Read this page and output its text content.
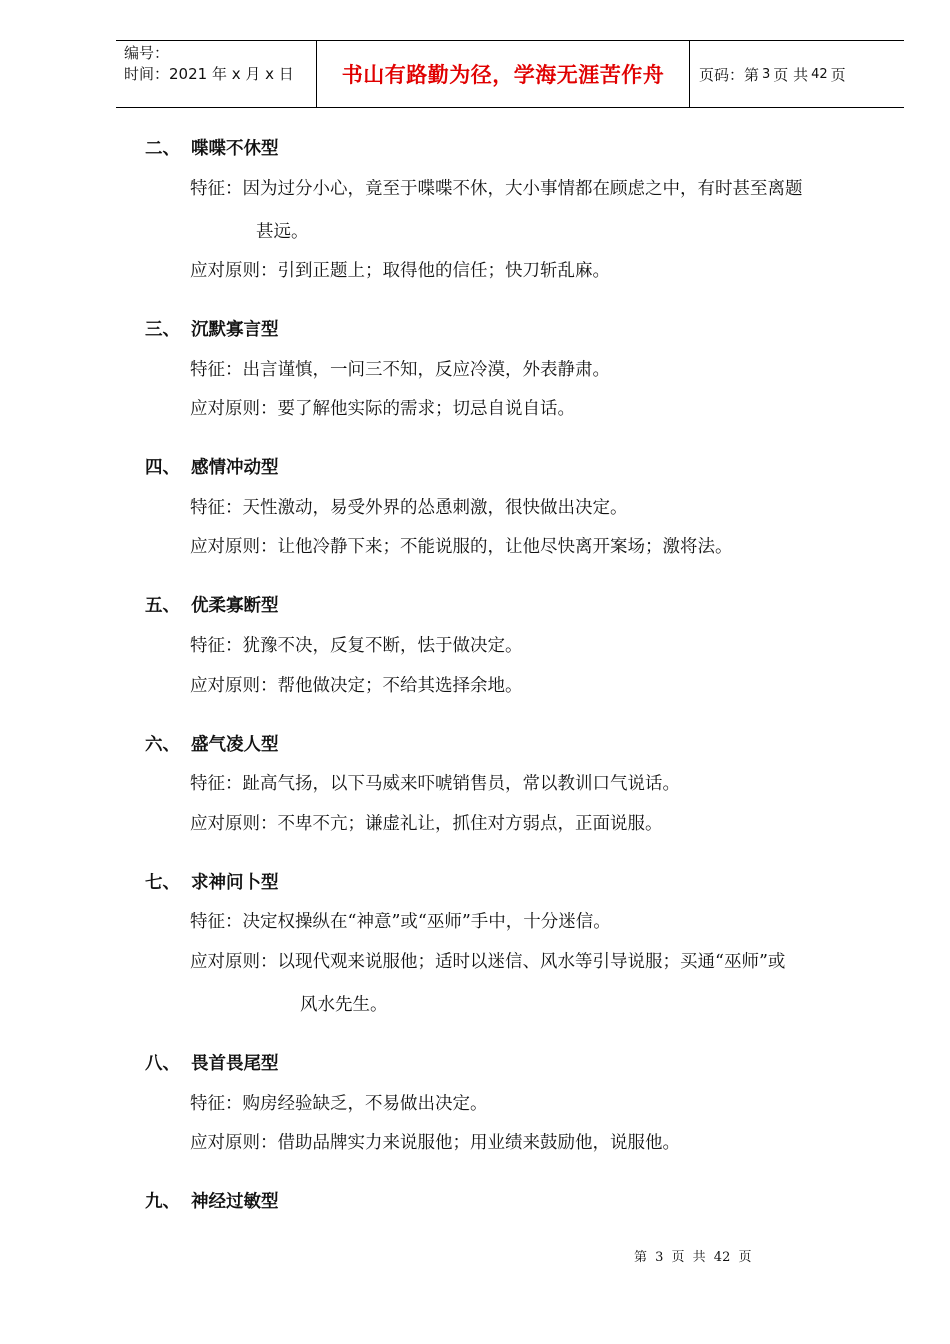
编号：
时间：2021 年 x 月 x 日	书山有路勤为径，学海无涯苦作舟 页码：第 3 页 共 42 页
二、 喋喋不休型
特征：因为过分小心，竟至于喋喋不休，大小事情都在顾虑之中，有时甚至离题
甚远。
应对原则：引到正题上；取得他的信任；快刀斩乱麻。
三、 沉默寡言型
特征：出言谨慎，一问三不知，反应冷漠，外表静肃。
应对原则：要了解他实际的需求；切忌自说自话。
四、 感情冲动型
特征：天性激动，易受外界的怂恿刺激，很快做出决定。
应对原则：让他冷静下来；不能说服的，让他尽快离开案场；激将法。
五、 优柔寡断型
特征：犹豫不决，反复不断，怯于做决定。
应对原则：帮他做决定；不给其选择余地。
六、 盛气凌人型
特征：趾高气扬，以下马威来吓唬销售员，常以教训口气说话。
应对原则：不卑不亢；谦虚礼让，抓住对方弱点，正面说服。
七、 求神问卜型
特征：决定权操纵在“神意”或“巫师”手中，十分迷信。
应对原则：以现代观来说服他；适时以迷信、风水等引导说服；买通“巫师”或
风水先生。
八、 畏首畏尾型
特征：购房经验缺乏，不易做出决定。
应对原则：借助品牌实力来说服他；用业绩来鼓励他，说服他。
九、 神经过敏型
第 3 页 共 42 页
